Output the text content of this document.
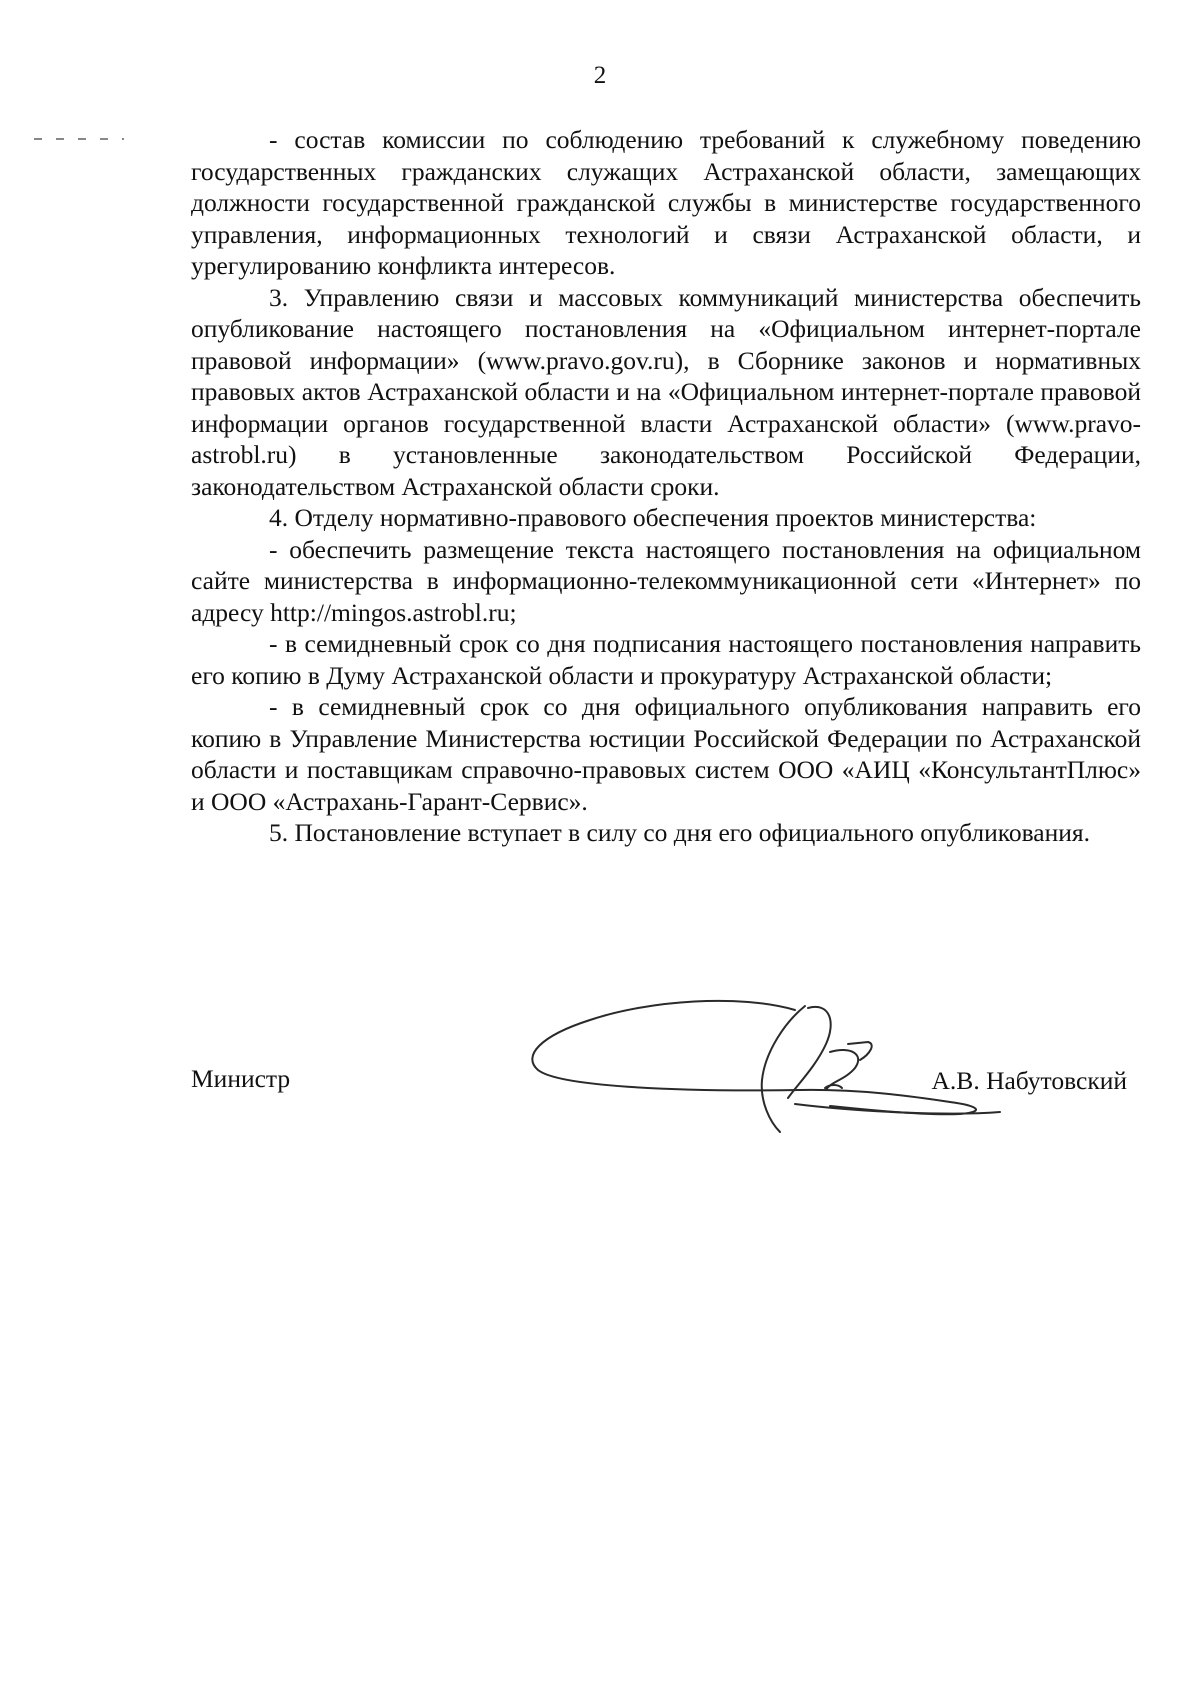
2

- состав комиссии по соблюдению требований к служебному поведению государственных гражданских служащих Астраханской области, замещающих должности государственной гражданской службы в министерстве государственного управления, информационных технологий и связи Астраханской области, и урегулированию конфликта интересов.

3. Управлению связи и массовых коммуникаций министерства обеспечить опубликование настоящего постановления на «Официальном интернет-портале правовой информации» (www.pravo.gov.ru), в Сборнике законов и нормативных правовых актов Астраханской области и на «Официальном интернет-портале правовой информации органов государственной власти Астраханской области» (www.pravo-astrobl.ru) в установленные законодательством Российской Федерации, законодательством Астраханской области сроки.

4. Отделу нормативно-правового обеспечения проектов министерства:

- обеспечить размещение текста настоящего постановления на официальном сайте министерства в информационно-телекоммуникационной сети «Интернет» по адресу http://mingos.astrobl.ru;

- в семидневный срок со дня подписания настоящего постановления направить его копию в Думу Астраханской области и прокуратуру Астраханской области;

- в семидневный срок со дня официального опубликования направить его копию в Управление Министерства юстиции Российской Федерации по Астраханской области и поставщикам справочно-правовых систем ООО «АИЦ «КонсультантПлюс» и ООО «Астрахань-Гарант-Сервис».

5. Постановление вступает в силу со дня его официального опубликования.

Министр	А.В. Набутовский
